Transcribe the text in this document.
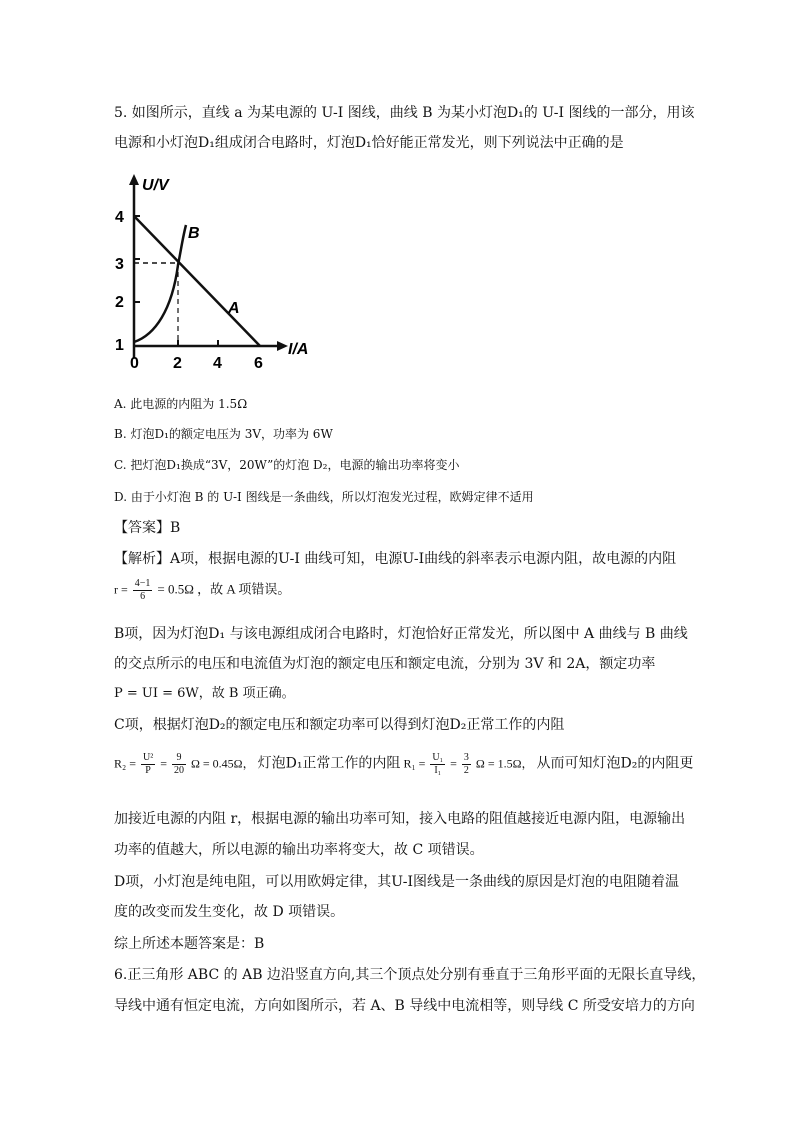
5. 如图所示，直线 a 为某电源的 U-I 图线，曲线 B 为某小灯泡D₁的 U-I 图线的一部分，用该
电源和小灯泡D₁组成闭合电路时，灯泡D₁恰好能正常发光，则下列说法中正确的是
U/V
I/A
4
3
2
1
0 2 4 6
B
A
A. 此电源的内阻为 1.5Ω
B. 灯泡D₁的额定电压为 3V，功率为 6W
C. 把灯泡D₁换成“3V，20W”的灯泡 D₂，电源的输出功率将变小
D. 由于小灯泡 B 的 U-I 图线是一条曲线，所以灯泡发光过程，欧姆定律不适用
【答案】B
【解析】A项，根据电源的U-I 曲线可知，电源U-I曲线的斜率表示电源内阻，故电源的内阻
$r = \frac{4-1}{6} = 0.5\Omega$ ，故 A 项错误。
B项，因为灯泡D₁ 与该电源组成闭合电路时，灯泡恰好正常发光，所以图中 A 曲线与 B 曲线
的交点所示的电压和电流值为灯泡的额定电压和额定电流，分别为 3V 和 2A，额定功率
P = UI = 6W，故 B 项正确。
C项，根据灯泡D₂的额定电压和额定功率可以得到灯泡D₂正常工作的内阻
$R_2 = \frac{\text{U²}}{P} = \frac{9}{20}$ Ω = 0.45Ω， 灯泡D₁正常工作的内阻 $R_1 = \frac{\text{U₁}}{\text{I₁}} = \frac{3}{2}$ Ω = 1.5Ω， 从而可知灯泡D₂的内阻更
加接近电源的内阻 r，根据电源的输出功率可知，接入电路的阻值越接近电源内阻，电源输出
功率的值越大，所以电源的输出功率将变大，故 C 项错误。
D项，小灯泡是纯电阻，可以用欧姆定律，其U-I图线是一条曲线的原因是灯泡的电阻随着温
度的改变而发生变化，故 D 项错误。
综上所述本题答案是：B
6.正三角形 ABC 的 AB 边沿竖直方向,其三个顶点处分别有垂直于三角形平面的无限长直导线，
导线中通有恒定电流，方向如图所示，若 A、B 导线中电流相等，则导线 C 所受安培力的方向
